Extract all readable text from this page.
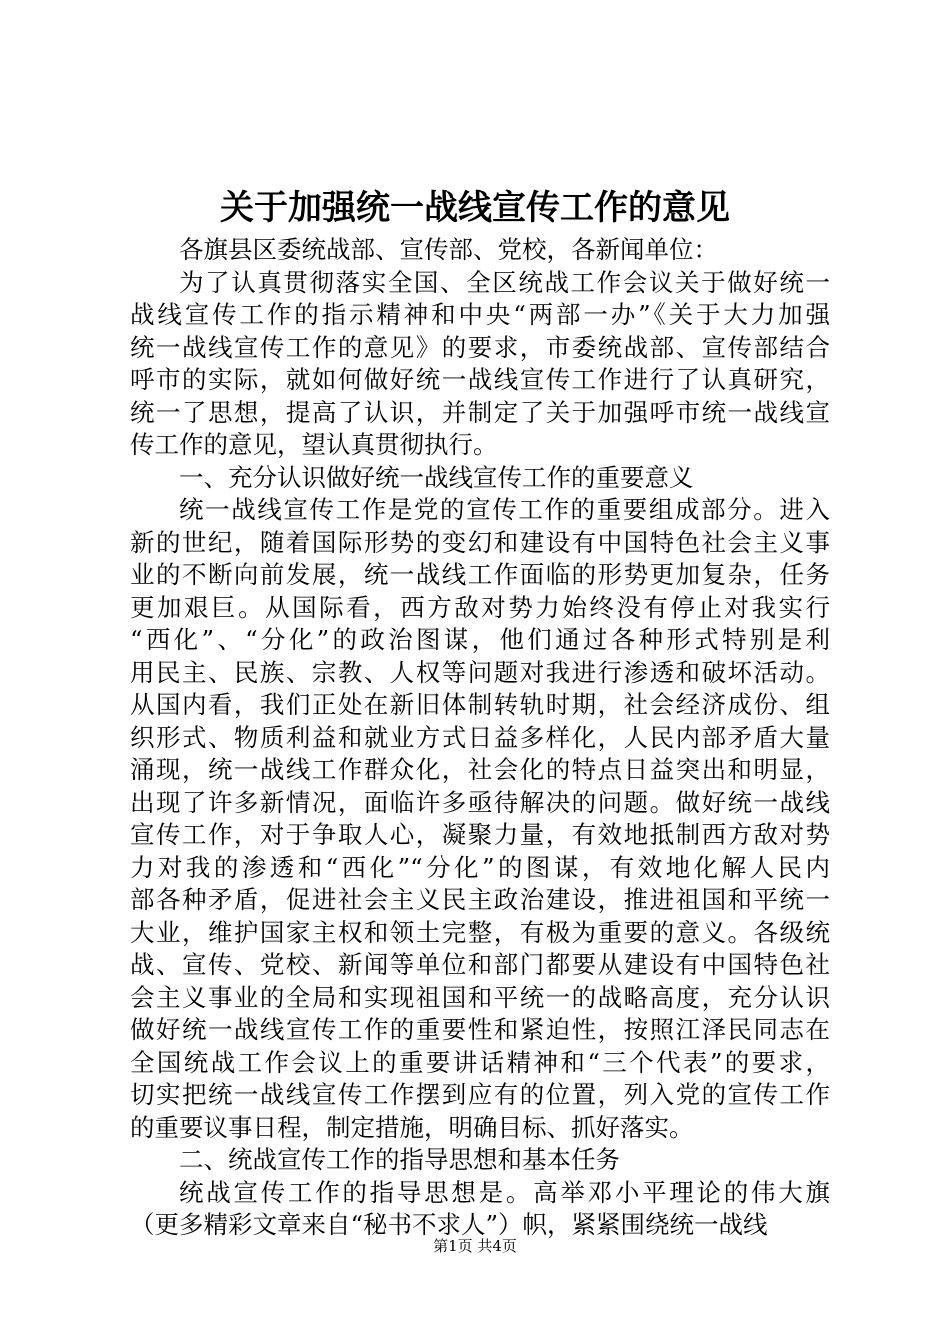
关于加强统一战线宣传工作的意见
各旗县区委统战部、宣传部、党校，各新闻单位：
为了认真贯彻落实全国、全区统战工作会议关于做好统一
战线宣传工作的指示精神和中央“两部一办”《关于大力加强
统一战线宣传工作的意见》的要求，市委统战部、宣传部结合
呼市的实际，就如何做好统一战线宣传工作进行了认真研究，
统一了思想，提高了认识，并制定了关于加强呼市统一战线宣
传工作的意见，望认真贯彻执行。
一、充分认识做好统一战线宣传工作的重要意义
统一战线宣传工作是党的宣传工作的重要组成部分。进入
新的世纪，随着国际形势的变幻和建设有中国特色社会主义事
业的不断向前发展，统一战线工作面临的形势更加复杂，任务
更加艰巨。从国际看，西方敌对势力始终没有停止对我实行
“西化”、“分化”的政治图谋，他们通过各种形式特别是利
用民主、民族、宗教、人权等问题对我进行渗透和破坏活动。
从国内看，我们正处在新旧体制转轨时期，社会经济成份、组
织形式、物质利益和就业方式日益多样化，人民内部矛盾大量
涌现，统一战线工作群众化，社会化的特点日益突出和明显，
出现了许多新情况，面临许多亟待解决的问题。做好统一战线
宣传工作，对于争取人心，凝聚力量，有效地抵制西方敌对势
力对我的渗透和“西化”“分化”的图谋，有效地化解人民内
部各种矛盾，促进社会主义民主政治建设，推进祖国和平统一
大业，维护国家主权和领土完整，有极为重要的意义。各级统
战、宣传、党校、新闻等单位和部门都要从建设有中国特色社
会主义事业的全局和实现祖国和平统一的战略高度，充分认识
做好统一战线宣传工作的重要性和紧迫性，按照江泽民同志在
全国统战工作会议上的重要讲话精神和“三个代表”的要求，
切实把统一战线宣传工作摆到应有的位置，列入党的宣传工作
的重要议事日程，制定措施，明确目标、抓好落实。
二、统战宣传工作的指导思想和基本任务
统战宣传工作的指导思想是。高举邓小平理论的伟大旗
（更多精彩文章来自“秘书不求人”）帜，紧紧围绕统一战线
第1页 共4页
